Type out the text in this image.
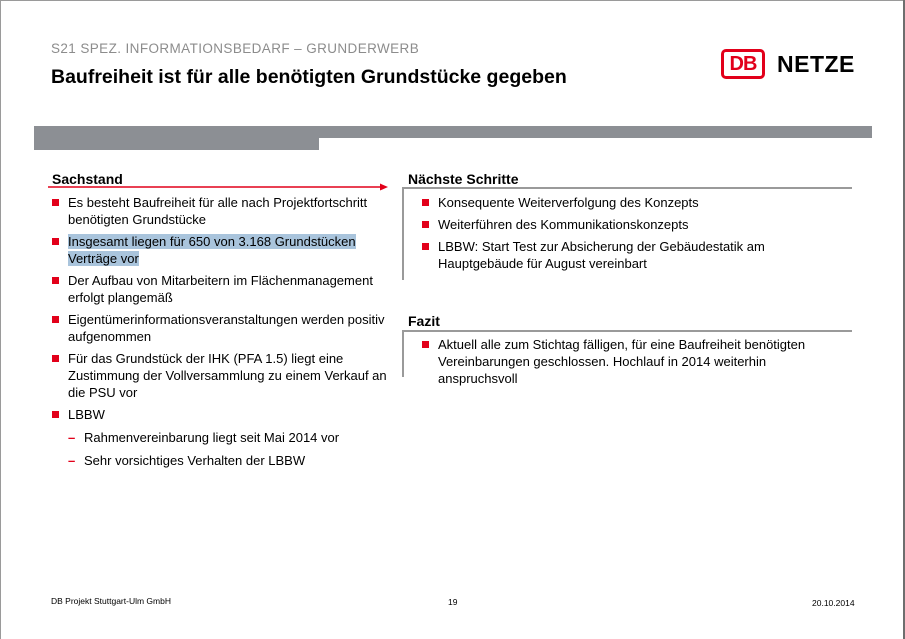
S21 SPEZ. INFORMATIONSBEDARF – GRUNDERWERB
Baufreiheit ist für alle benötigten Grundstücke gegeben
DB NETZE
Sachstand
Es besteht Baufreiheit für alle nach Projektfortschritt benötigten Grundstücke
Insgesamt liegen für 650 von 3.168 Grundstücken Verträge vor
Der Aufbau von Mitarbeitern im Flächenmanagement erfolgt plangemäß
Eigentümerinformationsveranstaltungen werden positiv aufgenommen
Für das Grundstück der IHK (PFA 1.5) liegt eine Zustimmung der Vollversammlung zu einem Verkauf an die PSU vor
LBBW
– Rahmenvereinbarung liegt seit Mai 2014 vor
– Sehr vorsichtiges Verhalten der LBBW
Nächste Schritte
Konsequente Weiterverfolgung des Konzepts
Weiterführen des Kommunikationskonzepts
LBBW: Start Test zur Absicherung der Gebäudestatik am Hauptgebäude für August vereinbart
Fazit
Aktuell alle zum Stichtag fälligen, für eine Baufreiheit benötigten Vereinbarungen geschlossen. Hochlauf in 2014 weiterhin anspruchsvoll
DB Projekt Stuttgart-Ulm GmbH	19	20.10.2014
